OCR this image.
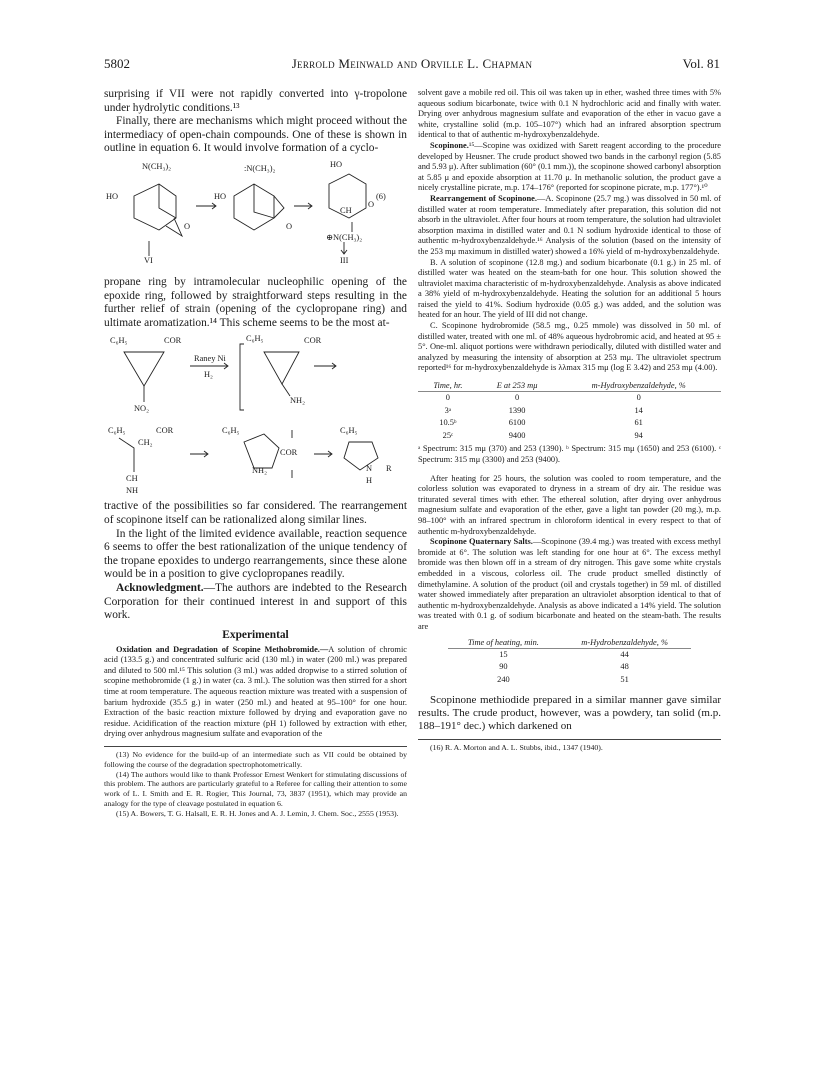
5802	Jerrold Meinwald and Orville L. Chapman	Vol. 81

surprising if VII were not rapidly converted into γ-tropolone under hydrolytic conditions.¹³

Finally, there are mechanisms which might proceed without the intermediacy of open-chain compounds. One of these is shown in outline in equation 6. It would involve formation of a cyclo-

N(CH₃)₂
HO
O
VI
:N(CH₃)₂
HO
O
HO
(6)
CH
O
⊕N(CH₃)₂
III

propane ring by intramolecular nucleophilic opening of the epoxide ring, followed by straightforward steps resulting in the further relief of strain (opening of the cyclopropane ring) and ultimate aromatization.¹⁴ This scheme seems to be the most at-

C₆H₅	COR
NO₂
Raney Ni
H₂
C₆H₅	COR
NH₂
C₆H₅	COR
CH₂
CH
NH
C₆H₅
COR
NH₂
C₆H₅
N
H
R

tractive of the possibilities so far considered. The rearrangement of scopinone itself can be rationalized along similar lines.

In the light of the limited evidence available, reaction sequence 6 seems to offer the best rationalization of the unique tendency of the tropane epoxides to undergo rearrangements, since these alone would be in a position to give cyclopropanes readily.

Acknowledgment.—The authors are indebted to the Research Corporation for their continued interest in and support of this work.

Experimental

Oxidation and Degradation of Scopine Methobromide.—A solution of chromic acid (133.5 g.) and concentrated sulfuric acid (130 ml.) in water (200 ml.) was prepared and diluted to 500 ml.¹⁵ This solution (3 ml.) was added dropwise to a stirred solution of scopine methobromide (1 g.) in water (ca. 3 ml.). The solution was then stirred for a short time at room temperature. The aqueous reaction mixture was treated with a suspension of barium hydroxide (35.5 g.) in water (250 ml.) and heated at 95–100° for one hour. Extraction of the basic reaction mixture followed by drying and evaporation gave no residue. Acidification of the reaction mixture (pH 1) followed by extraction with ether, drying over anhydrous magnesium sulfate and evaporation of the

(13) No evidence for the build-up of an intermediate such as VII could be obtained by following the course of the degradation spectrophotometrically.

(14) The authors would like to thank Professor Ernest Wenkert for stimulating discussions of this problem. The authors are particularly grateful to a Referee for calling their attention to some work of L. I. Smith and E. R. Rogier, This Journal, 73, 3837 (1951), which may provide an analogy for the type of cleavage postulated in equation 6.

(15) A. Bowers, T. G. Halsall, E. R. H. Jones and A. J. Lemin, J. Chem. Soc., 2555 (1953).

solvent gave a mobile red oil. This oil was taken up in ether, washed three times with 5% aqueous sodium bicarbonate, twice with 0.1 N hydrochloric acid and finally with water. Drying over anhydrous magnesium sulfate and evaporation of the ether in vacuo gave a white, crystalline solid (m.p. 105–107°) which had an infrared absorption spectrum identical to that of authentic m-hydroxybenzaldehyde.

Scopinone.¹⁵—Scopine was oxidized with Sarett reagent according to the procedure developed by Heusner. The crude product showed two bands in the carbonyl region (5.85 and 5.93 μ). After sublimation (60° (0.1 mm.)), the scopinone showed carbonyl absorption at 5.85 μ and epoxide absorption at 11.70 μ. In methanolic solution, the product gave a nicely crystalline picrate, m.p. 174–176° (reported for scopinone picrate, m.p. 177°).¹⁰

Rearrangement of Scopinone.—A. Scopinone (25.7 mg.) was dissolved in 50 ml. of distilled water at room temperature. Immediately after preparation, this solution did not absorb in the ultraviolet. After four hours at room temperature, the solution had ultraviolet absorption maxima in distilled water and 0.1 N sodium hydroxide identical to those of authentic m-hydroxybenzaldehyde.¹⁶ Analysis of the solution (based on the intensity of the 253 mμ maximum in distilled water) showed a 16% yield of m-hydroxybenzaldehyde.

B. A solution of scopinone (12.8 mg.) and sodium bicarbonate (0.1 g.) in 25 ml. of distilled water was heated on the steam-bath for one hour. This solution showed the ultraviolet maxima characteristic of m-hydroxybenzaldehyde. Analysis as above indicated a 38% yield of m-hydroxybenzaldehyde. Heating the solution for an additional 5 hours raised the yield to 41%. Sodium hydroxide (0.05 g.) was added, and the solution was heated for an hour. The yield of III did not change.

C. Scopinone hydrobromide (58.5 mg., 0.25 mmole) was dissolved in 50 ml. of distilled water, treated with one ml. of 48% aqueous hydrobromic acid, and heated at 95 ± 5°. One-ml. aliquot portions were withdrawn periodically, diluted with distilled water and analyzed by measuring the intensity of absorption at 253 mμ. The ultraviolet spectrum reported¹⁶ for m-hydroxybenzaldehyde is λλmax 315 mμ (log E 3.42) and 253 mμ (4.00).

Time, hr.	E at 253 mμ	m-Hydroxybenzaldehyde, %
0	0	0
3ᵃ	1390	14
10.5ᵇ	6100	61
25ᶜ	9400	94

ᵃ Spectrum: 315 mμ (370) and 253 (1390). ᵇ Spectrum: 315 mμ (1650) and 253 (6100). ᶜ Spectrum: 315 mμ (3300) and 253 (9400).

After heating for 25 hours, the solution was cooled to room temperature, and the colorless solution was evaporated to dryness in a stream of dry air. The residue was triturated several times with ether. The ethereal solution, after drying over anhydrous magnesium sulfate and evaporation of the ether, gave a light tan powder (20 mg.), m.p. 98–100° with an infrared spectrum in chloroform identical in every respect to that of authentic m-hydroxybenzaldehyde.

Scopinone Quaternary Salts.—Scopinone (39.4 mg.) was treated with excess methyl bromide at 6°. The solution was left standing for one hour at 6°. The excess methyl bromide was then blown off in a stream of dry nitrogen. This gave some white crystals embedded in a viscous, colorless oil. The crude product smelled distinctly of dimethylamine. A solution of the product (oil and crystals together) in 59 ml. of distilled water showed immediately after preparation an ultraviolet absorption identical to that of authentic m-hydroxybenzaldehyde. Analysis as above indicated a 14% yield. The solution was treated with 0.1 g. of sodium bicarbonate and heated on the steam-bath. The results are

Time of heating, min.	m-Hydrobenzaldehyde, %
15	44
90	48
240	51

Scopinone methiodide prepared in a similar manner gave similar results. The crude product, however, was a powdery, tan solid (m.p. 188–191° dec.) which darkened on

(16) R. A. Morton and A. L. Stubbs, ibid., 1347 (1940).
